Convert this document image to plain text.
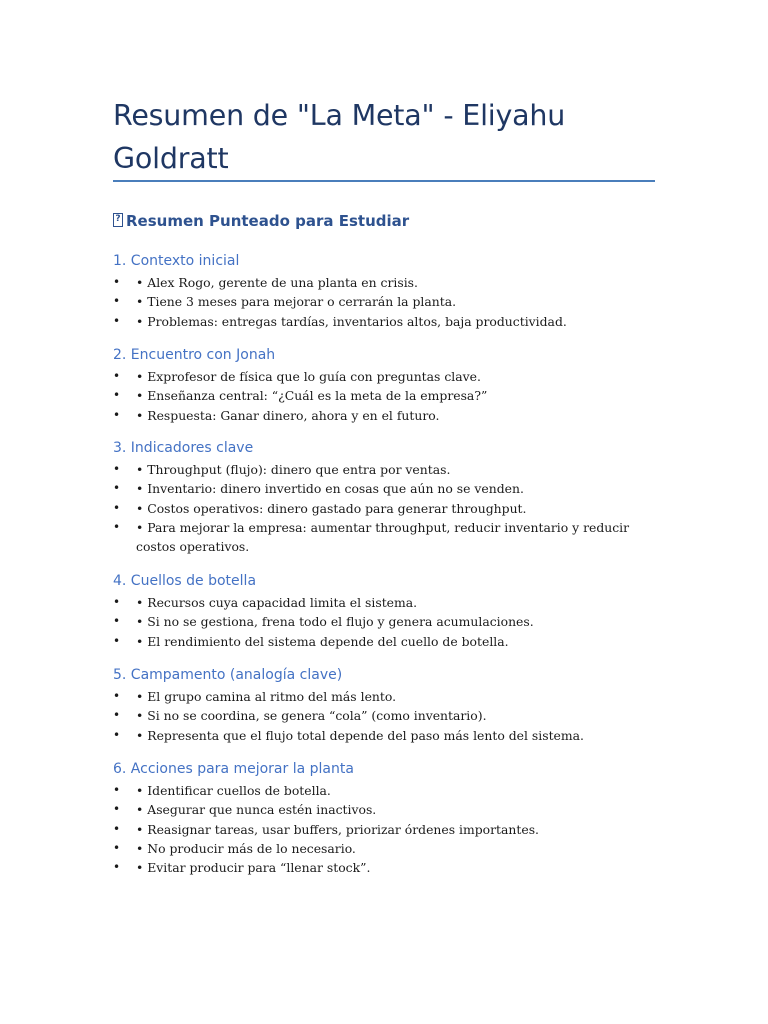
Resumen de "La Meta" - Eliyahu Goldratt
?Resumen Punteado para Estudiar
1. Contexto inicial
• • Alex Rogo, gerente de una planta en crisis.
• • Tiene 3 meses para mejorar o cerrarán la planta.
• • Problemas: entregas tardías, inventarios altos, baja productividad.
2. Encuentro con Jonah
• • Exprofesor de física que lo guía con preguntas clave.
• • Enseñanza central: “¿Cuál es la meta de la empresa?”
• • Respuesta: Ganar dinero, ahora y en el futuro.
3. Indicadores clave
• • Throughput (flujo): dinero que entra por ventas.
• • Inventario: dinero invertido en cosas que aún no se venden.
• • Costos operativos: dinero gastado para generar throughput.
• • Para mejorar la empresa: aumentar throughput, reducir inventario y reducir costos operativos.
4. Cuellos de botella
• • Recursos cuya capacidad limita el sistema.
• • Si no se gestiona, frena todo el flujo y genera acumulaciones.
• • El rendimiento del sistema depende del cuello de botella.
5. Campamento (analogía clave)
• • El grupo camina al ritmo del más lento.
• • Si no se coordina, se genera “cola” (como inventario).
• • Representa que el flujo total depende del paso más lento del sistema.
6. Acciones para mejorar la planta
• • Identificar cuellos de botella.
• • Asegurar que nunca estén inactivos.
• • Reasignar tareas, usar buffers, priorizar órdenes importantes.
• • No producir más de lo necesario.
• • Evitar producir para “llenar stock”.
